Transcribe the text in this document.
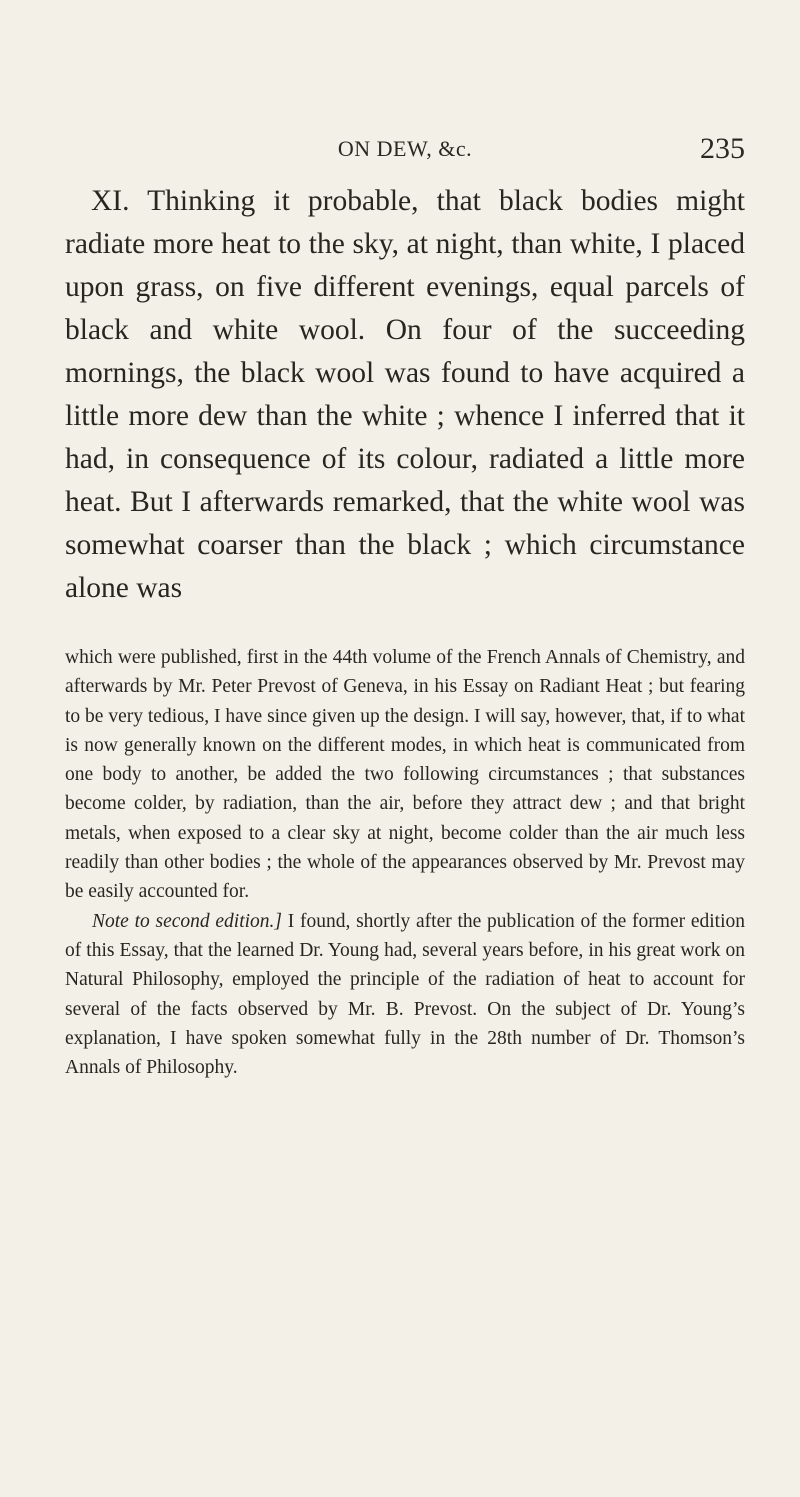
ON DEW, &c.	235

XI. Thinking it probable, that black bodies might radiate more heat to the sky, at night, than white, I placed upon grass, on five different evenings, equal parcels of black and white wool. On four of the succeeding mornings, the black wool was found to have acquired a little more dew than the white ; whence I inferred that it had, in consequence of its colour, radiated a little more heat. But I afterwards remarked, that the white wool was somewhat coarser than the black ; which circumstance alone was

which were published, first in the 44th volume of the French Annals of Chemistry, and afterwards by Mr. Peter Prevost of Geneva, in his Essay on Radiant Heat ; but fearing to be very tedious, I have since given up the design. I will say, however, that, if to what is now generally known on the different modes, in which heat is communicated from one body to another, be added the two following circumstances ; that substances become colder, by radiation, than the air, before they attract dew ; and that bright metals, when exposed to a clear sky at night, become colder than the air much less readily than other bodies ; the whole of the appearances observed by Mr. Prevost may be easily accounted for.

Note to second edition.] I found, shortly after the publication of the former edition of this Essay, that the learned Dr. Young had, several years before, in his great work on Natural Philosophy, employed the principle of the radiation of heat to account for several of the facts observed by Mr. B. Prevost. On the subject of Dr. Young’s explanation, I have spoken somewhat fully in the 28th number of Dr. Thomson’s Annals of Philosophy.
